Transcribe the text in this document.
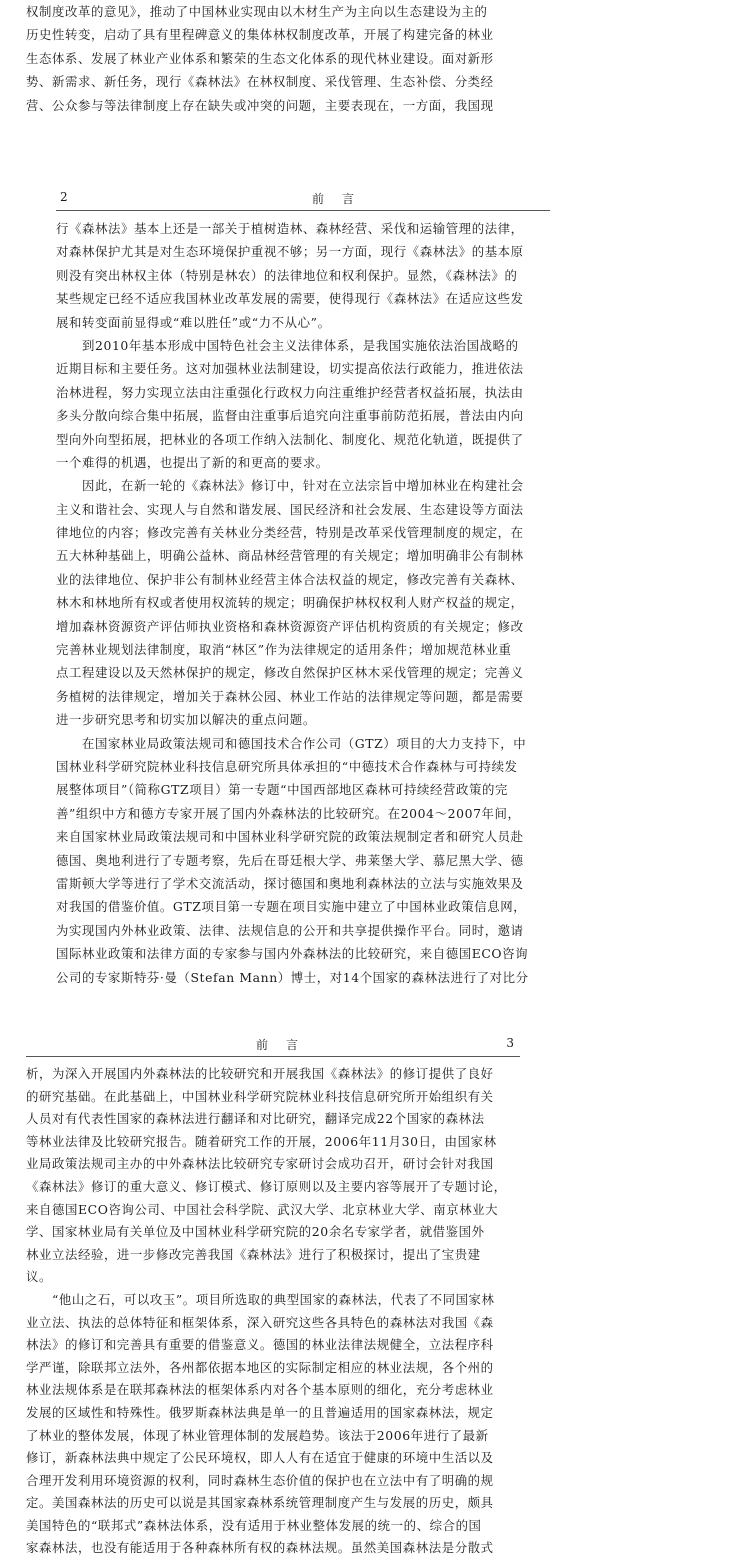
权制度改革的意见》，推动了中国林业实现由以木材生产为主向以生态建设为主的
历史性转变，启动了具有里程碑意义的集体林权制度改革，开展了构建完备的林业
生态体系、发展了林业产业体系和繁荣的生态文化体系的现代林业建设。面对新形
势、新需求、新任务，现行《森林法》在林权制度、采伐管理、生态补偿、分类经
营、公众参与等法律制度上存在缺失或冲突的问题，主要表现在，一方面，我国现
2	前言
行《森林法》基本上还是一部关于植树造林、森林经营、采伐和运输管理的法律，
对森林保护尤其是对生态环境保护重视不够；另一方面，现行《森林法》的基本原
则没有突出林权主体（特别是林农）的法律地位和权利保护。显然，《森林法》的
某些规定已经不适应我国林业改革发展的需要，使得现行《森林法》在适应这些发
展和转变面前显得或“难以胜任”或“力不从心”。
　　到2010年基本形成中国特色社会主义法律体系，是我国实施依法治国战略的
近期目标和主要任务。这对加强林业法制建设，切实提高依法行政能力，推进依法
治林进程，努力实现立法由注重强化行政权力向注重维护经营者权益拓展，执法由
多头分散向综合集中拓展，监督由注重事后追究向注重事前防范拓展，普法由内向
型向外向型拓展，把林业的各项工作纳入法制化、制度化、规范化轨道，既提供了
一个难得的机遇，也提出了新的和更高的要求。
　　因此，在新一轮的《森林法》修订中，针对在立法宗旨中增加林业在构建社会
主义和谐社会、实现人与自然和谐发展、国民经济和社会发展、生态建设等方面法
律地位的内容；修改完善有关林业分类经营，特别是改革采伐管理制度的规定，在
五大林种基础上，明确公益林、商品林经营管理的有关规定；增加明确非公有制林
业的法律地位、保护非公有制林业经营主体合法权益的规定，修改完善有关森林、
林木和林地所有权或者使用权流转的规定；明确保护林权权利人财产权益的规定，
增加森林资源资产评估师执业资格和森林资源资产评估机构资质的有关规定；修改
完善林业规划法律制度，取消“林区”作为法律规定的适用条件；增加规范林业重
点工程建设以及天然林保护的规定，修改自然保护区林木采伐管理的规定；完善义
务植树的法律规定，增加关于森林公园、林业工作站的法律规定等问题，都是需要
进一步研究思考和切实加以解决的重点问题。
　　在国家林业局政策法规司和德国技术合作公司（GTZ）项目的大力支持下，中
国林业科学研究院林业科技信息研究所具体承担的“中德技术合作森林与可持续发
展整体项目”（简称GTZ项目）第一专题“中国西部地区森林可持续经营政策的完
善”组织中方和德方专家开展了国内外森林法的比较研究。在2004～2007年间，
来自国家林业局政策法规司和中国林业科学研究院的政策法规制定者和研究人员赴
德国、奥地利进行了专题考察，先后在哥廷根大学、弗莱堡大学、慕尼黑大学、德
雷斯顿大学等进行了学术交流活动，探讨德国和奥地利森林法的立法与实施效果及
对我国的借鉴价值。GTZ项目第一专题在项目实施中建立了中国林业政策信息网，
为实现国内外林业政策、法律、法规信息的公开和共享提供操作平台。同时，邀请
国际林业政策和法律方面的专家参与国内外森林法的比较研究，来自德国ECO咨询
公司的专家斯特芬·曼（Stefan Mann）博士，对14个国家的森林法进行了对比分
前言	3
析，为深入开展国内外森林法的比较研究和开展我国《森林法》的修订提供了良好
的研究基础。在此基础上，中国林业科学研究院林业科技信息研究所开始组织有关
人员对有代表性国家的森林法进行翻译和对比研究，翻译完成22个国家的森林法
等林业法律及比较研究报告。随着研究工作的开展，2006年11月30日，由国家林
业局政策法规司主办的中外森林法比较研究专家研讨会成功召开，研讨会针对我国
《森林法》修订的重大意义、修订模式、修订原则以及主要内容等展开了专题讨论，
来自德国ECO咨询公司、中国社会科学院、武汉大学、北京林业大学、南京林业大
学、国家林业局有关单位及中国林业科学研究院的20余名专家学者，就借鉴国外
林业立法经验，进一步修改完善我国《森林法》进行了积极探讨，提出了宝贵建
议。
　　“他山之石，可以攻玉”。项目所选取的典型国家的森林法，代表了不同国家林
业立法、执法的总体特征和框架体系，深入研究这些各具特色的森林法对我国《森
林法》的修订和完善具有重要的借鉴意义。德国的林业法律法规健全，立法程序科
学严谨，除联邦立法外，各州都依据本地区的实际制定相应的林业法规，各个州的
林业法规体系是在联邦森林法的框架体系内对各个基本原则的细化，充分考虑林业
发展的区域性和特殊性。俄罗斯森林法典是单一的且普遍适用的国家森林法，规定
了林业的整体发展，体现了林业管理体制的发展趋势。该法于2006年进行了最新
修订，新森林法典中规定了公民环境权，即人人有在适宜于健康的环境中生活以及
合理开发利用环境资源的权利，同时森林生态价值的保护也在立法中有了明确的规
定。美国森林法的历史可以说是其国家森林系统管理制度产生与发展的历史，颇具
美国特色的“联邦式”森林法体系，没有适用于林业整体发展的统一的、综合的国
家森林法，也没有能适用于各种森林所有权的森林法规。虽然美国森林法是分散式
